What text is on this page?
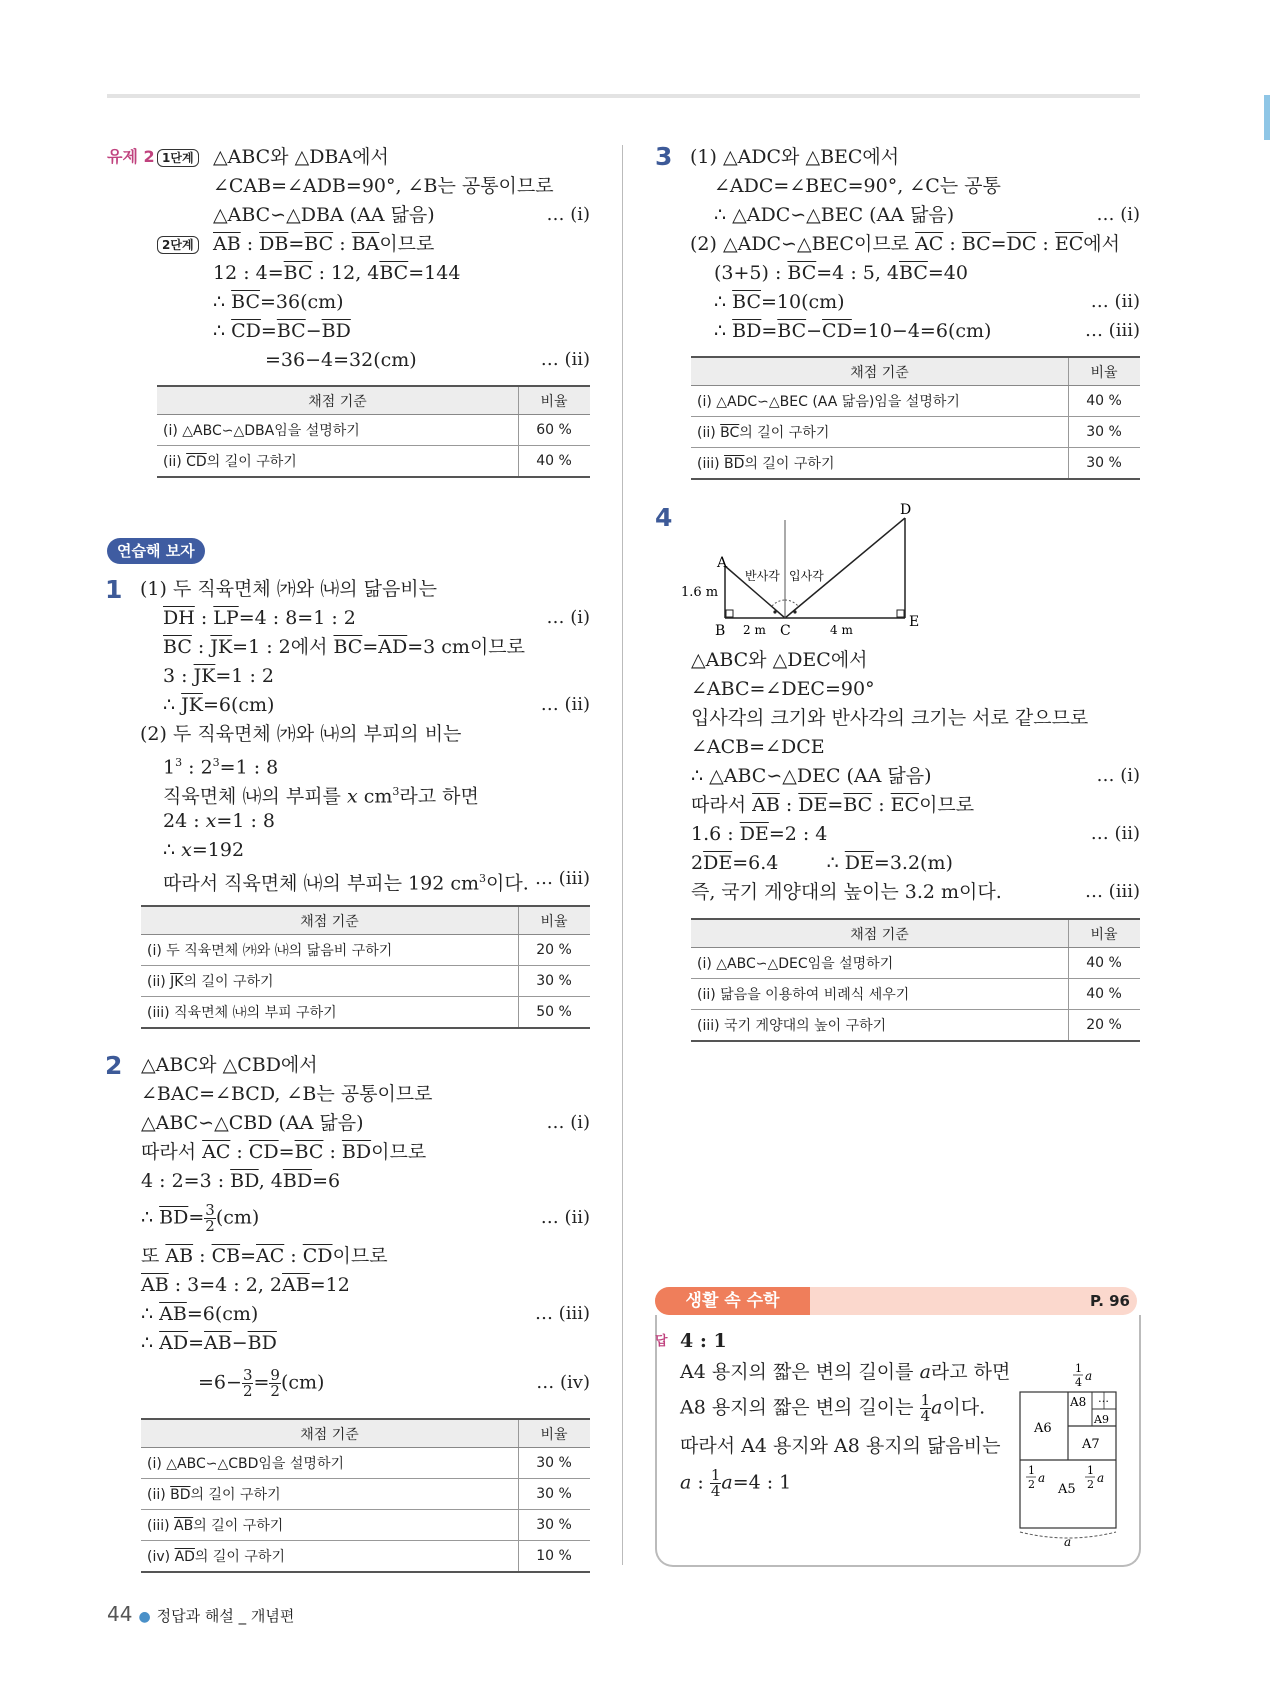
유제 2 1단계 △ABC와 △DBA에서
∠CAB=∠ADB=90°, ∠B는 공통이므로
△ABC∽△DBA (AA 닮음)	… (i)
2단계 $\overline{AB}$ : $\overline{DB}=\overline{BC}$ : $\overline{BA}$이므로
12 : $4=\overline{BC}$ : 12, $4\overline{BC}=144$
∴ $\overline{BC}=36(cm)$
∴ $\overline{CD}=\overline{BC}-\overline{BD}$
=36−4=32(cm)	… (ii)
채점 기준	비율
(i) △ABC∽△DBA임을 설명하기	60 %
(ii) $\overline{CD}$의 길이 구하기	40 %
연습해 보자
1 (1) 두 직육면체 ㈎와 ㈏의 닮음비는
$\overline{DH}$ : $\overline{LP}=4$ : 8=1 : 2	… (i)
$\overline{BC}$ : $\overline{JK}=1$ : 2에서 $\overline{BC}=\overline{AD}=3$ cm이므로
3 : $\overline{JK}=1$ : 2
∴ $\overline{JK}=6(cm)$	… (ii)
(2) 두 직육면체 ㈎와 ㈏의 부피의 비는
$1^3$ : $2^3=1$ : 8
직육면체 ㈏의 부피를 x $cm^3$라고 하면
24 : x=1 : 8
∴ x=192
따라서 직육면체 ㈏의 부피는 192 $cm^3$이다. … (iii)
채점 기준	비율
(i) 두 직육면체 ㈎와 ㈏의 닮음비 구하기	20 %
(ii) $\overline{JK}$의 길이 구하기	30 %
(iii) 직육면체 ㈏의 부피 구하기	50 %
2 △ABC와 △CBD에서
∠BAC=∠BCD, ∠B는 공통이므로
△ABC∽△CBD (AA 닮음)	… (i)
따라서 $\overline{AC}$ : $\overline{CD}=\overline{BC}$ : $\overline{BD}$이므로
4 : 2=3 : $\overline{BD}$, $4\overline{BD}=6$
∴ $\overline{BD}= \frac{3}{2} (cm)$	… (ii)
또 $\overline{AB}$ : $\overline{CB}=\overline{AC}$ : $\overline{CD}$이므로
$\overline{AB}$ : 3=4 : 2, $2\overline{AB}=12$
∴ $\overline{AB}=6(cm)$	… (iii)
∴ $\overline{AD}=\overline{AB}-\overline{BD}$
$=6- \frac{3}{2} = \frac{9}{2} (cm)$	… (iv)
채점 기준	비율
(i) △ABC∽△CBD임을 설명하기	30 %
(ii) $\overline{BD}$의 길이 구하기	30 %
(iii) $\overline{AB}$의 길이 구하기	30 %
(iv) $\overline{AD}$의 길이 구하기	10 %
3 (1) △ADC와 △BEC에서
∠ADC=∠BEC=90°, ∠C는 공통
∴ △ADC∽△BEC (AA 닮음)	… (i)
(2) △ADC∽△BEC이므로 $\overline{AC}$ : $\overline{BC}=\overline{DC}$ : $\overline{EC}$에서
(3+5) : $\overline{BC}=4$ : 5, $4\overline{BC}=40$
∴ $\overline{BC}=10(cm)$	… (ii)
∴ $\overline{BD}=\overline{BC}-\overline{CD}=10-4=6(cm)$	… (iii)
채점 기준	비율
(i) △ADC∽△BEC (AA 닮음)임을 설명하기	40 %
(ii) $\overline{BC}$의 길이 구하기	30 %
(iii) $\overline{BD}$의 길이 구하기	30 %
4
A
B	C
D
E
1.6 m
2 m	4 m
반사각 입사각
△ABC와 △DEC에서
∠ABC=∠DEC=90°
입사각의 크기와 반사각의 크기는 서로 같으므로
∠ACB=∠DCE
∴ △ABC∽△DEC (AA 닮음)	… (i)
따라서 $\overline{AB}$ : $\overline{DE}=\overline{BC}$ : $\overline{EC}$이므로
1.6 : $\overline{DE}=2$ : 4	… (ii)
$2\overline{DE}=6.4$        ∴ $\overline{DE}=3.2(m)$
즉, 국기 게양대의 높이는 3.2 m이다.	… (iii)
채점 기준	비율
(i) △ABC∽△DEC임을 설명하기	40 %
(ii) 닮음을 이용하여 비례식 세우기	40 %
(iii) 국기 게양대의 높이 구하기	20 %
생활 속 수학	P. 96
답 4 : 1
A4 용지의 짧은 변의 길이를 a라고 하면
A8 용지의 짧은 변의 길이는 $\frac{1}{4}$ a이다.
따라서 A4 용지와 A8 용지의 닮음비는
a : $\frac{1}{4} a=4$ : 1
A6
A7
A8
A9
…
A5
1
4 a
1
2 a
1
2 a
a
44 ● 정답과 해설 _ 개념편
